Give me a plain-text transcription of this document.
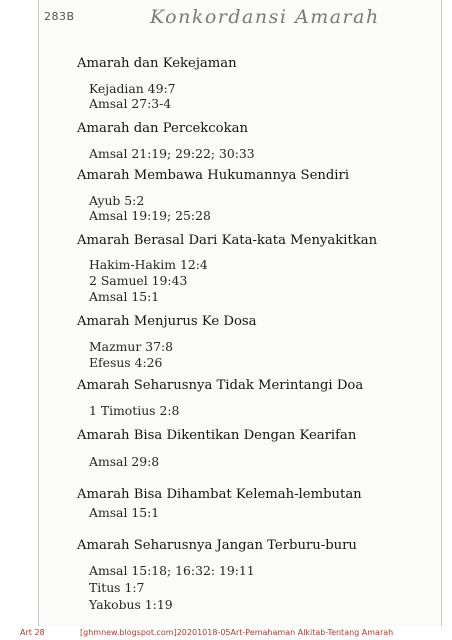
283B	Konkordansi Amarah
Amarah dan Kekejaman
Kejadian 49:7
Amsal 27:3-4
Amarah dan Percekcokan
Amsal 21:19; 29:22; 30:33
Amarah Membawa Hukumannya Sendiri
Ayub 5:2
Amsal 19:19; 25:28
Amarah Berasal Dari Kata-kata Menyakitkan
Hakim-Hakim 12:4
2 Samuel 19:43
Amsal 15:1
Amarah Menjurus Ke Dosa
Mazmur 37:8
Efesus 4:26
Amarah Seharusnya Tidak Merintangi Doa
1 Timotius 2:8
Amarah Bisa Dikentikan Dengan Kearifan
Amsal 29:8
Amarah Bisa Dihambat Kelemah-lembutan
Amsal 15:1
Amarah Seharusnya Jangan Terburu-buru
Amsal 15:18; 16:32: 19:11
Titus 1:7
Yakobus 1:19
Art 28	[ghmnew.blogspot.com]20201018-05Art-Pemahaman Alkitab-Tentang Amarah
